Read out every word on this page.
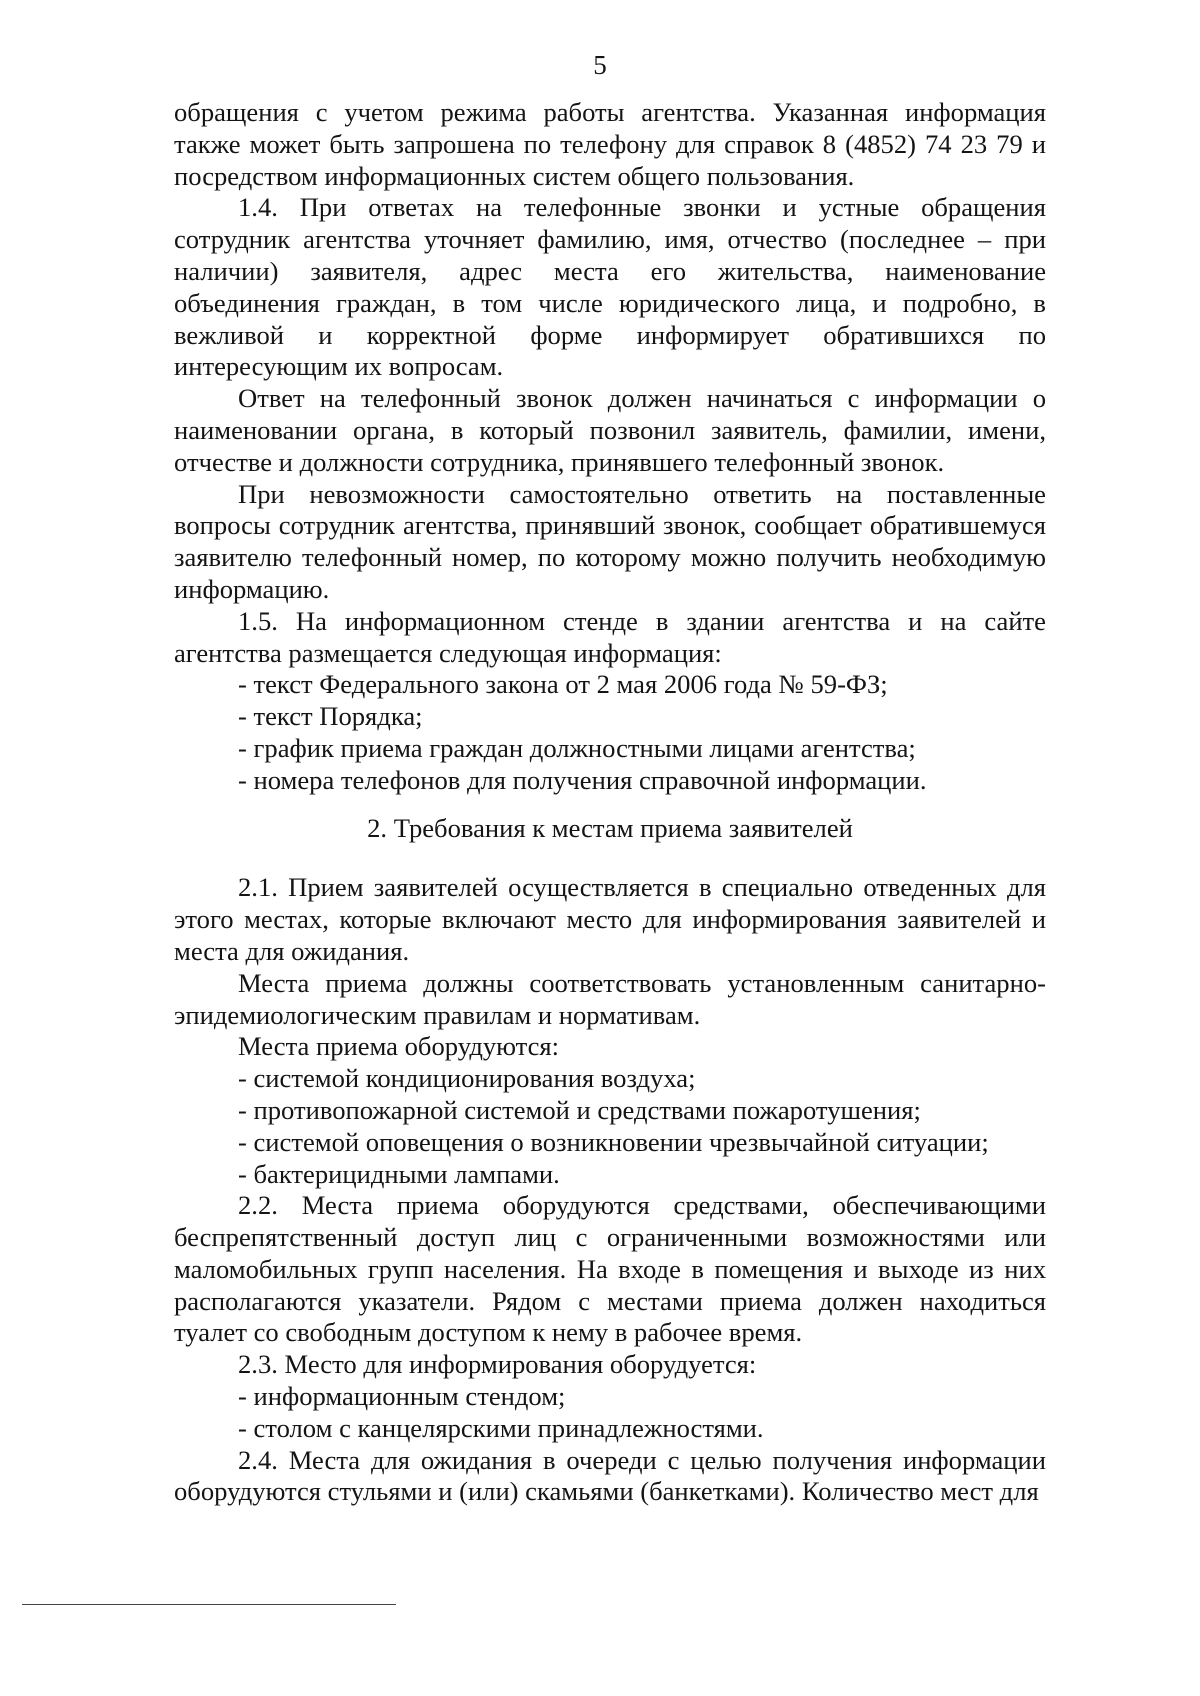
5

обращения с учетом режима работы агентства. Указанная информация также может быть запрошена по телефону для справок 8 (4852) 74 23 79 и посредством информационных систем общего пользования.

1.4. При ответах на телефонные звонки и устные обращения сотрудник агентства уточняет фамилию, имя, отчество (последнее – при наличии) заявителя, адрес места его жительства, наименование объединения граждан, в том числе юридического лица, и подробно, в вежливой и корректной форме информирует обратившихся по интересующим их вопросам.

Ответ на телефонный звонок должен начинаться с информации о наименовании органа, в который позвонил заявитель, фамилии, имени, отчестве и должности сотрудника, принявшего телефонный звонок.

При невозможности самостоятельно ответить на поставленные вопросы сотрудник агентства, принявший звонок, сообщает обратившемуся заявителю телефонный номер, по которому можно получить необходимую информацию.

1.5. На информационном стенде в здании агентства и на сайте агентства размещается следующая информация:

- текст Федерального закона от 2 мая 2006 года № 59-ФЗ;

- текст Порядка;

- график приема граждан должностными лицами агентства;

- номера телефонов для получения справочной информации.

2. Требования к местам приема заявителей

2.1. Прием заявителей осуществляется в специально отведенных для этого местах, которые включают место для информирования заявителей и места для ожидания.

Места приема должны соответствовать установленным санитарно-эпидемиологическим правилам и нормативам.

Места приема оборудуются:

- системой кондиционирования воздуха;

- противопожарной системой и средствами пожаротушения;

- системой оповещения о возникновении чрезвычайной ситуации;

- бактерицидными лампами.

2.2. Места приема оборудуются средствами, обеспечивающими беспрепятственный доступ лиц с ограниченными возможностями или маломобильных групп населения. На входе в помещения и выходе из них располагаются указатели. Рядом с местами приема должен находиться туалет со свободным доступом к нему в рабочее время.

2.3. Место для информирования оборудуется:

- информационным стендом;

- столом с канцелярскими принадлежностями.

2.4. Места для ожидания в очереди с целью получения информации оборудуются стульями и (или) скамьями (банкетками). Количество мест для
